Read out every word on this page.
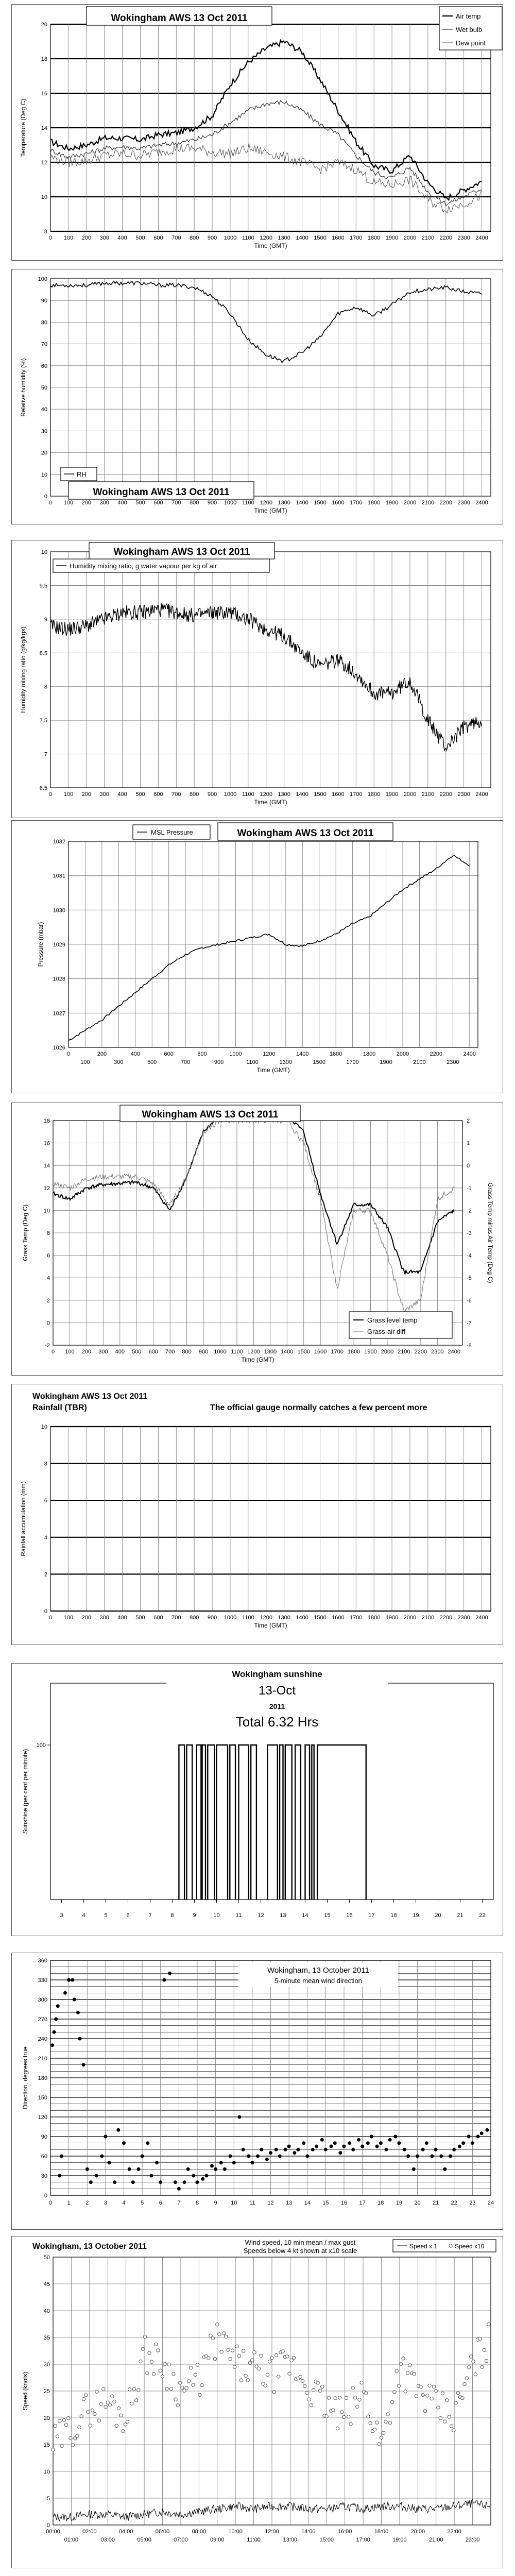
8
10
12
14
16
18
20
0 100 200 300 400 500 600 700 800 900 1000 1100 1200 1300 1400 1500 1600 1700 1800 1900 2000 2100 2200 2300 2400
Time (GMT)
Temperature (Deg C)
Wokingham AWS 13 Oct 2011	Air temp
Wet bulb
Dew point
0
10
20
30
40
50
60
70
80
90
100
0 100 200 300 400 500 600 700 800 900 1000 1100 1200 1300 1400 1500 1600 1700 1800 1900 2000 2100 2200 2300 2400
Time (GMT)
Relative humidity (%)
RH
Wokingham AWS 13 Oct 2011
6.5
7
7.5
8
8.5
9
9.5
10
0 100 200 300 400 500 600 700 800 900 1000 1100 1200 1300 1400 1500 1600 1700 1800 1900 2000 2100 2200 2300 2400
Time (GMT)
Humidity mixing ratio (g/kg/kgs)
Wokingham AWS 13 Oct 2011
Humidity mixing ratio, g water vapour per kg of air
1026
1027
1028
1029
1030
1031
1032
0	200	400	600	800	1000	1200	1400	1600	1800	2000	2200	2400
100	300	500	700	900	1100	1300	1500	1700	1900	2100	2300
Time (GMT)
Pressure (mbar)
MSL Pressure	Wokingham AWS 13 Oct 2011
-2
0
2
4
6
8
10
12
14
16
18
-8
-7
-6
-5
-4
-3
-2
-1
0
1
2
0 100 200 300 400 500 600 700 800 900 1000 1100 1200 1300 1400 1500 1600 1700 1800 1900 2000 2100 2200 2300 2400
Time (GMT)
Grass Temp (Deg C)	Grass Temp minus Air Temp (Deg C)
Wokingham AWS 13 Oct 2011
Grass level temp
Grass-air diff
0
2
4
6
8
10
0 100 200 300 400 500 600 700 800 900 1000 1100 1200 1300 1400 1500 1600 1700 1800 1900 2000 2100 2200 2300 2400
Time (GMT)
Rainfall accumulation (mm)
Wokingham AWS 13 Oct 2011
Rainfall (TBR)	The official gauge normally catches a few percent more
100
3	4	5	6	7	8	9	10	11	12	13	14	15	16	17	18	19	20	21	22
Sunshine (per cent per minute)
Wokingham sunshine
13-Oct
2011
Total 6.32 Hrs
0
30
60
90
120
150
180
210
240
270
300
330
360
0	1	2	3	4	5	6	7	8	9 10 11 12 13 14 15 16 17 18 19 20 21 22 23 24
Direction, degrees true
Wokingham, 13 October 2011
5-minute mean wind direction
0
5
10
15
20
25
30
35
40
45
50
00:00	02:00	04:00	06:00	08:00	10:00	12:00	14:00	16:00	18:00	20:00	22:00
01:00	03:00	05:00	07:00	09:00	11:00	13:00	15:00	17:00	19:00	21:00	23:00
Speed (knots)
Wokingham, 13 October 2011	Wind speed, 10 min mean / max gust
Speeds below 4 kt shown at x10 scale
Speed x 1	Speed x10
